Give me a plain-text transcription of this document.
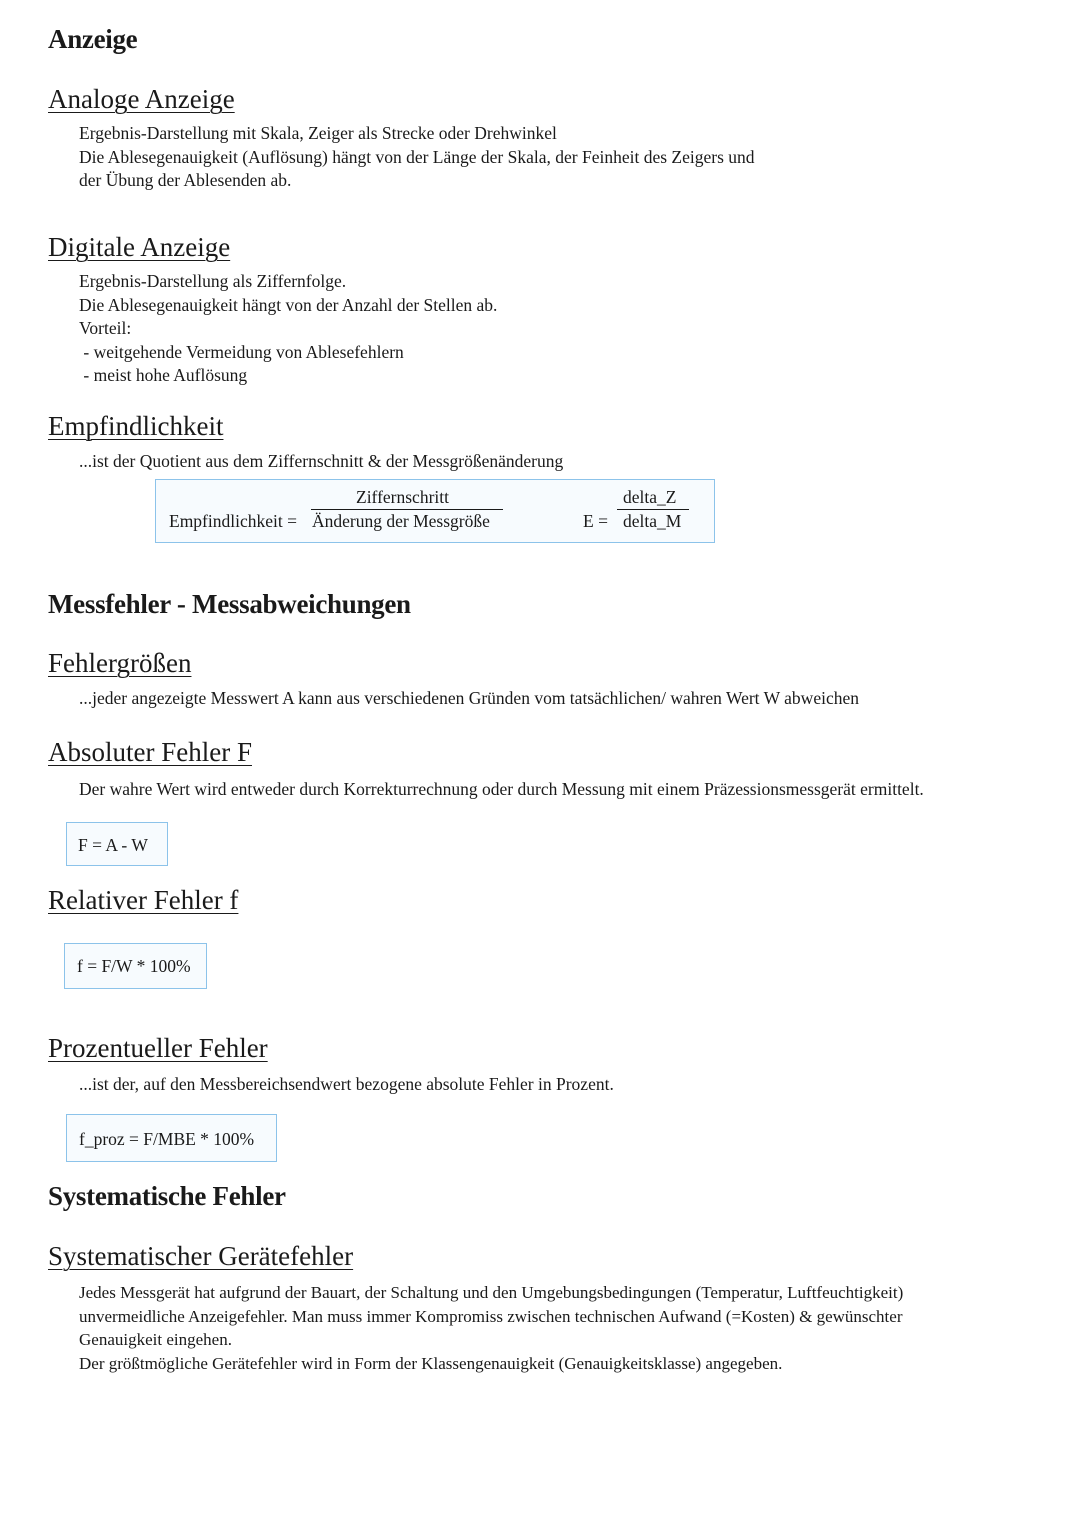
Anzeige
Analoge Anzeige
Ergebnis-Darstellung mit Skala, Zeiger als Strecke oder Drehwinkel
Die Ablesegenauigkeit (Auflösung) hängt von der Länge der Skala, der Feinheit des Zeigers und
der Übung der Ablesenden ab.
Digitale Anzeige
Ergebnis-Darstellung als Ziffernfolge.
Die Ablesegenauigkeit hängt von der Anzahl der Stellen ab.
Vorteil:
- weitgehende Vermeidung von Ablesefehlern
- meist hohe Auflösung
Empfindlichkeit
...ist der Quotient aus dem Ziffernschnitt & der Messgrößenänderung
Empfindlichkeit =
Ziffernschritt
Änderung der Messgröße	E =
delta_Z
delta_M
Messfehler - Messabweichungen
Fehlergrößen
...jeder angezeigte Messwert A kann aus verschiedenen Gründen vom tatsächlichen/ wahren Wert W abweichen
Absoluter Fehler F
Der wahre Wert wird entweder durch Korrekturrechnung oder durch Messung mit einem Präzessionsmessgerät ermittelt.
F = A - W
Relativer Fehler f
f = F/W * 100%
Prozentueller Fehler
...ist der, auf den Messbereichsendwert bezogene absolute Fehler in Prozent.
f_proz = F/MBE * 100%
Systematische Fehler
Systematischer Gerätefehler
Jedes Messgerät hat aufgrund der Bauart, der Schaltung und den Umgebungsbedingungen (Temperatur, Luftfeuchtigkeit)
unvermeidliche Anzeigefehler. Man muss immer Kompromiss zwischen technischen Aufwand (=Kosten) & gewünschter
Genauigkeit eingehen.
Der größtmögliche Gerätefehler wird in Form der Klassengenauigkeit (Genauigkeitsklasse) angegeben.
